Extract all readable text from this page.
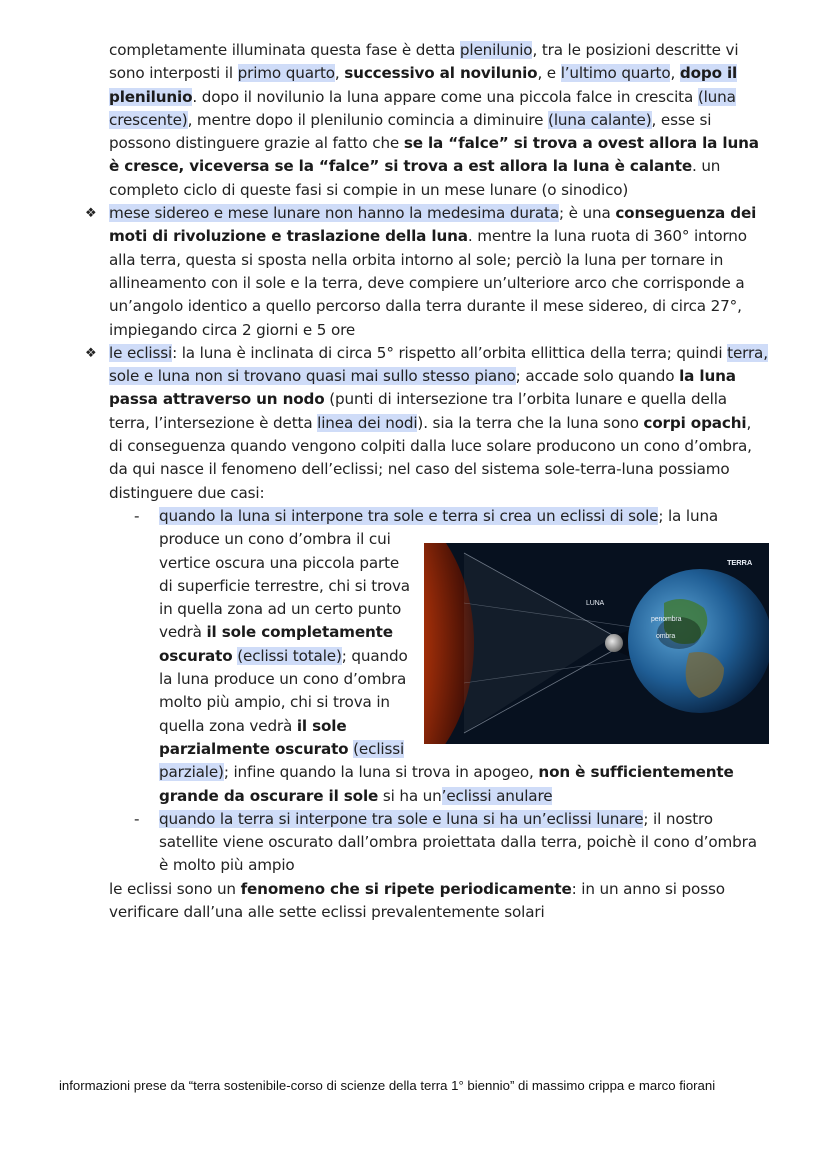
completamente illuminata questa fase è detta plenilunio, tra le posizioni descritte vi sono interposti il primo quarto, successivo al novilunio, e l’ultimo quarto, dopo il plenilunio. dopo il novilunio la luna appare come una piccola falce in crescita (luna crescente), mentre dopo il plenilunio comincia a diminuire (luna calante), esse si possono distinguere grazie al fatto che se la “falce” si trova a ovest allora la luna è cresce, viceversa se la “falce” si trova a est allora la luna è calante. un completo ciclo di queste fasi si compie in un mese lunare (o sinodico)

❖ mese sidereo e mese lunare non hanno la medesima durata; è una conseguenza dei moti di rivoluzione e traslazione della luna. mentre la luna ruota di 360° intorno alla terra, questa si sposta nella orbita intorno al sole; perciò la luna per tornare in allineamento con il sole e la terra, deve compiere un’ulteriore arco che corrisponde a un’angolo identico a quello percorso dalla terra durante il mese sidereo, di circa 27°, impiegando circa 2 giorni e 5 ore

❖ le eclissi: la luna è inclinata di circa 5° rispetto all’orbita ellittica della terra; quindi terra, sole e luna non si trovano quasi mai sullo stesso piano; accade solo quando la luna passa attraverso un nodo (punti di intersezione tra l’orbita lunare e quella della terra, l’intersezione è detta linea dei nodi). sia la terra che la luna sono corpi opachi, di conseguenza quando vengono colpiti dalla luce solare producono un cono d’ombra, da qui nasce il fenomeno dell’eclissi; nel caso del sistema sole-terra-luna possiamo distinguere due casi:

- quando la luna si interpone tra sole e terra si crea un eclissi di sole
TERRA
LUNA
penombra
ombra
; la luna produce un cono d’ombra il cui vertice oscura una piccola parte di superficie terrestre, chi si trova in quella zona ad un certo punto vedrà il sole completamente oscurato (eclissi totale); quando la luna produce un cono d’ombra molto più ampio, chi si trova in quella zona vedrà il sole parzialmente oscurato (eclissi parziale); infine quando la luna si trova in apogeo, non è sufficientemente grande da oscurare il sole si ha un’eclissi anulare
- quando la terra si interpone tra sole e luna si ha un’eclissi lunare; il nostro satellite viene oscurato dall’ombra proiettata dalla terra, poichè il cono d’ombra è molto più ampio

le eclissi sono un fenomeno che si ripete periodicamente: in un anno si posso verificare dall’una alle sette eclissi prevalentemente solari

informazioni prese da “terra sostenibile-corso di scienze della terra 1° biennio” di massimo crippa e marco fiorani
